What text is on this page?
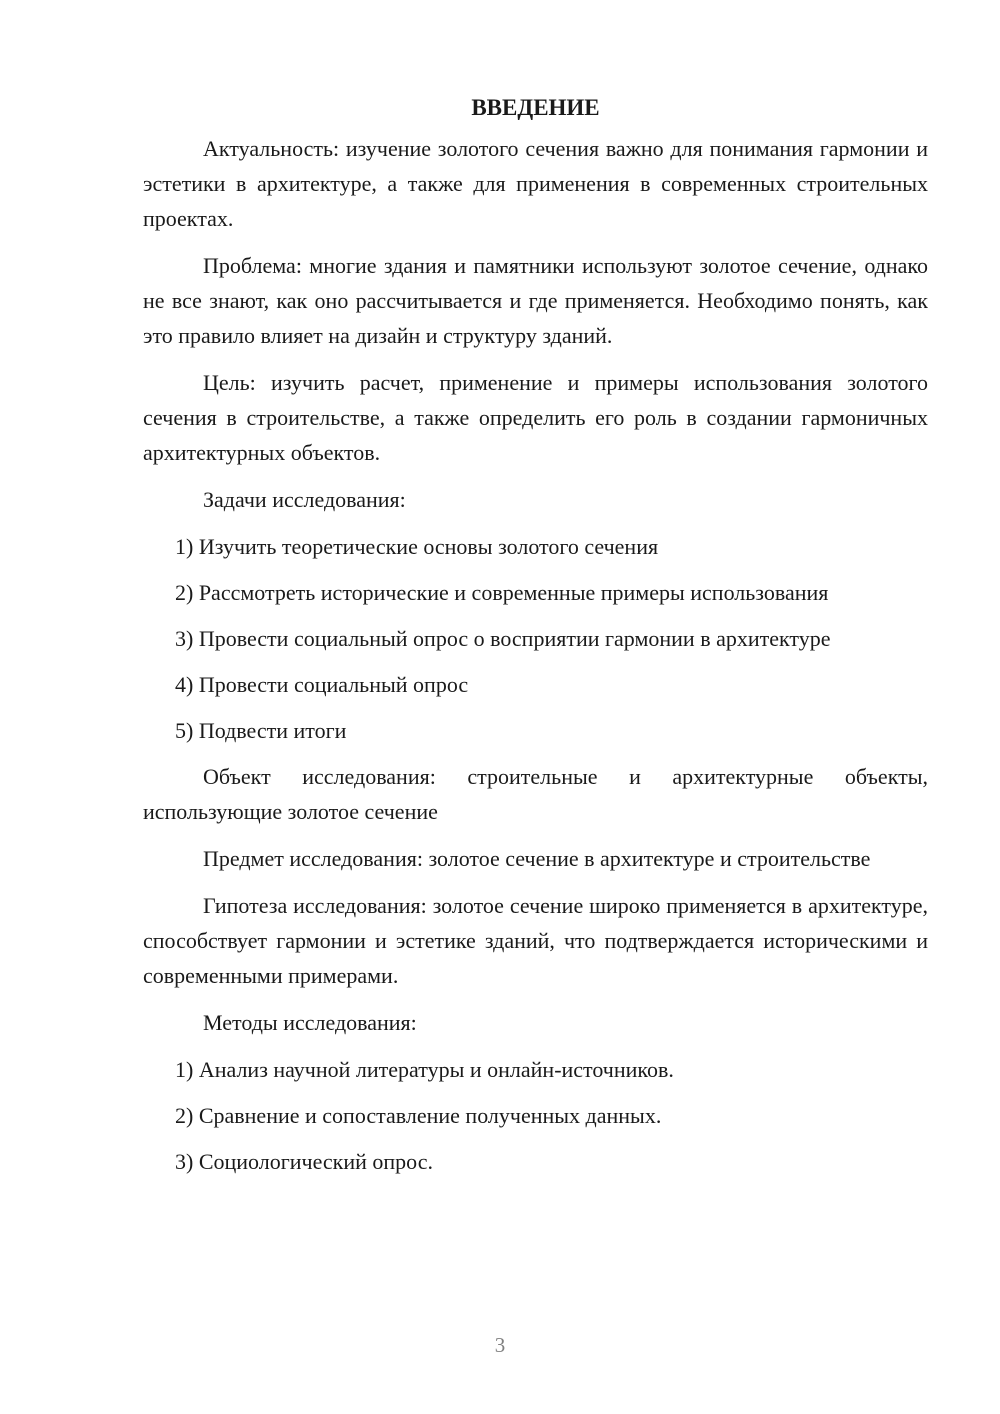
ВВЕДЕНИЕ

Актуальность: изучение золотого сечения важно для понимания гармонии и эстетики в архитектуре, а также для применения в современных строительных проектах.

Проблема: многие здания и памятники используют золотое сечение, однако не все знают, как оно рассчитывается и где применяется. Необходимо понять, как это правило влияет на дизайн и структуру зданий.

Цель: изучить расчет, применение и примеры использования золотого сечения в строительстве, а также определить его роль в создании гармоничных архитектурных объектов.

Задачи исследования:

1) Изучить теоретические основы золотого сечения
2) Рассмотреть исторические и современные примеры использования
3) Провести социальный опрос о восприятии гармонии в архитектуре
4) Провести социальный опрос
5) Подвести итоги

Объект исследования: строительные и архитектурные объекты, использующие золотое сечение

Предмет исследования: золотое сечение в архитектуре и строительстве

Гипотеза исследования: золотое сечение широко применяется в архитектуре, способствует гармонии и эстетике зданий, что подтверждается историческими и современными примерами.

Методы исследования:

1) Анализ научной литературы и онлайн-источников.
2) Сравнение и сопоставление полученных данных.
3) Социологический опрос.
3
